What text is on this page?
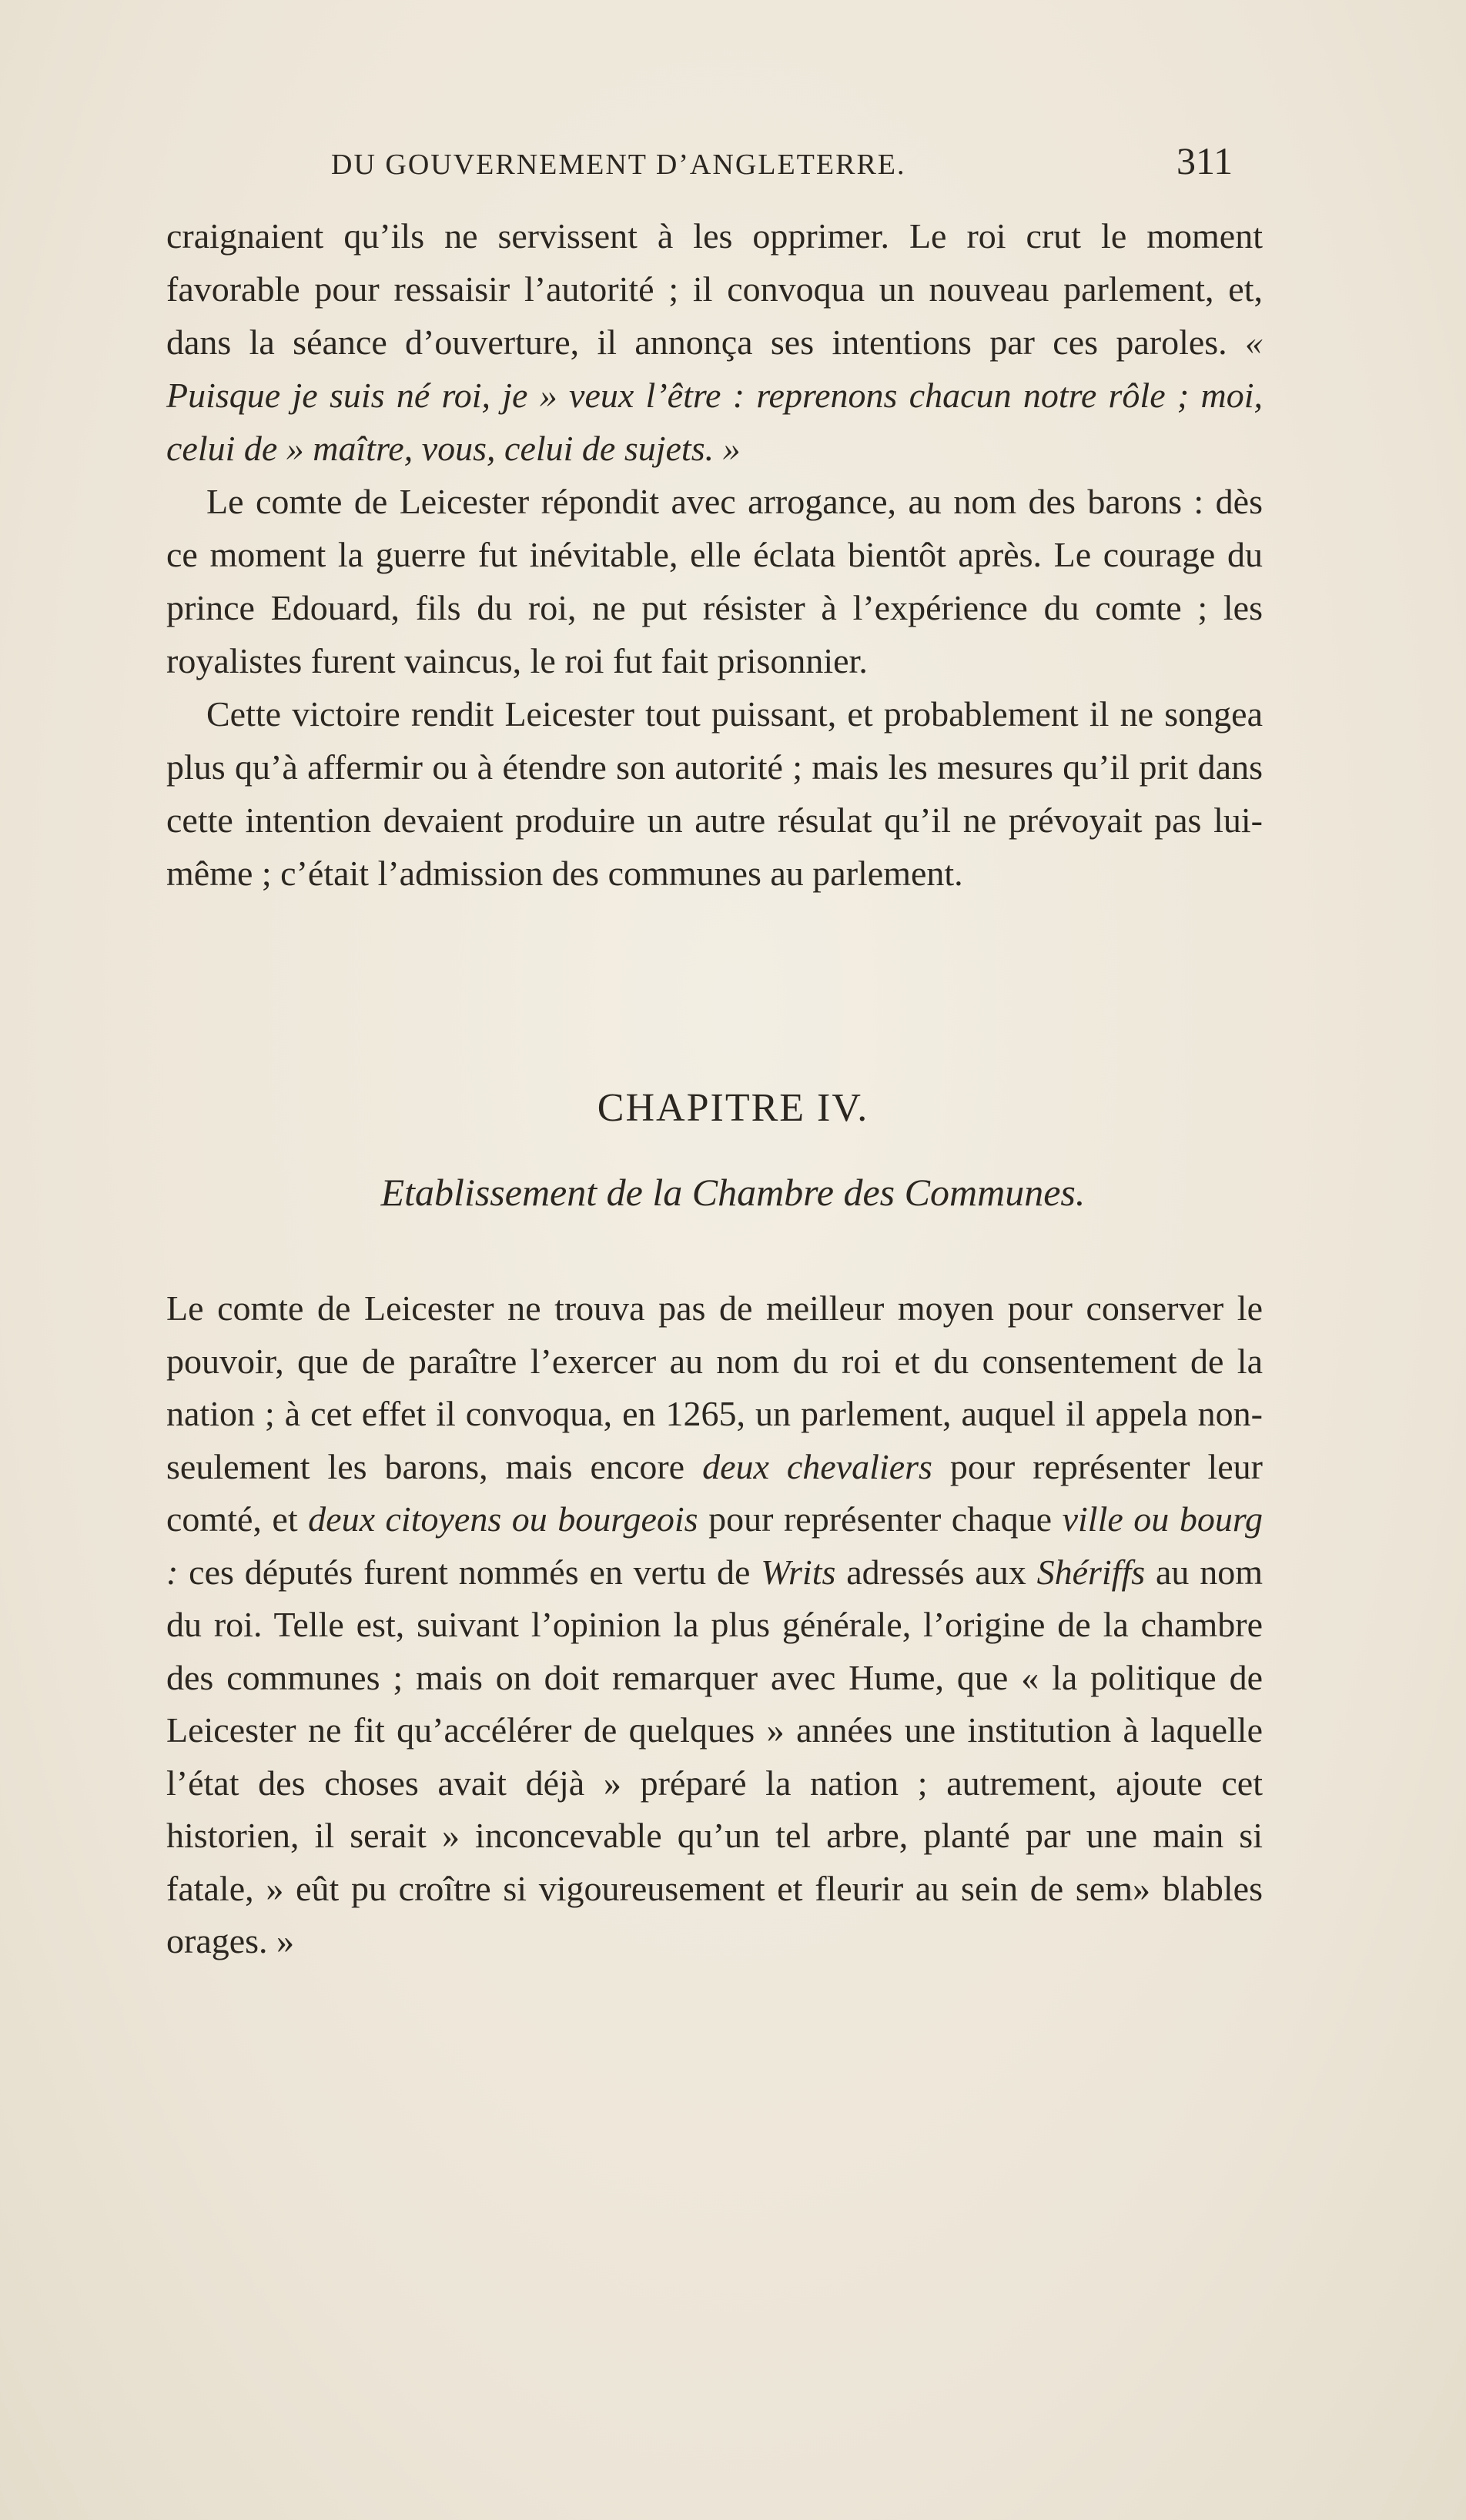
DU GOUVERNEMENT D’ANGLETERRE.	311

craignaient qu’ils ne servissent à les opprimer. Le roi crut le moment favorable pour ressaisir l’autorité ; il convoqua un nouveau parlement, et, dans la séance d’ouverture, il annonça ses intentions par ces paroles. « Puisque je suis né roi, je » veux l’être : reprenons chacun notre rôle ; moi, celui de » maître, vous, celui de sujets. »

Le comte de Leicester répondit avec arrogance, au nom des barons : dès ce moment la guerre fut inévitable, elle éclata bientôt après. Le courage du prince Edouard, fils du roi, ne put résister à l’expérience du comte ; les royalistes furent vaincus, le roi fut fait prisonnier.

Cette victoire rendit Leicester tout puissant, et probablement il ne songea plus qu’à affermir ou à étendre son autorité ; mais les mesures qu’il prit dans cette intention devaient produire un autre résulat qu’il ne prévoyait pas lui-même ; c’était l’admission des communes au parlement.

CHAPITRE IV.
Etablissement de la Chambre des Communes.

Le comte de Leicester ne trouva pas de meilleur moyen pour conserver le pouvoir, que de paraître l’exercer au nom du roi et du consentement de la nation ; à cet effet il convoqua, en 1265, un parlement, auquel il appela non-seulement les barons, mais encore deux chevaliers pour représenter leur comté, et deux citoyens ou bourgeois pour représenter chaque ville ou bourg : ces députés furent nommés en vertu de Writs adressés aux Shériffs au nom du roi. Telle est, suivant l’opinion la plus générale, l’origine de la chambre des communes ; mais on doit remarquer avec Hume, que « la politique de Leicester ne fit qu’accélérer de quelques » années une institution à laquelle l’état des choses avait déjà » préparé la nation ; autrement, ajoute cet historien, il serait » inconcevable qu’un tel arbre, planté par une main si fatale, » eût pu croître si vigoureusement et fleurir au sein de sem» blables orages. »
